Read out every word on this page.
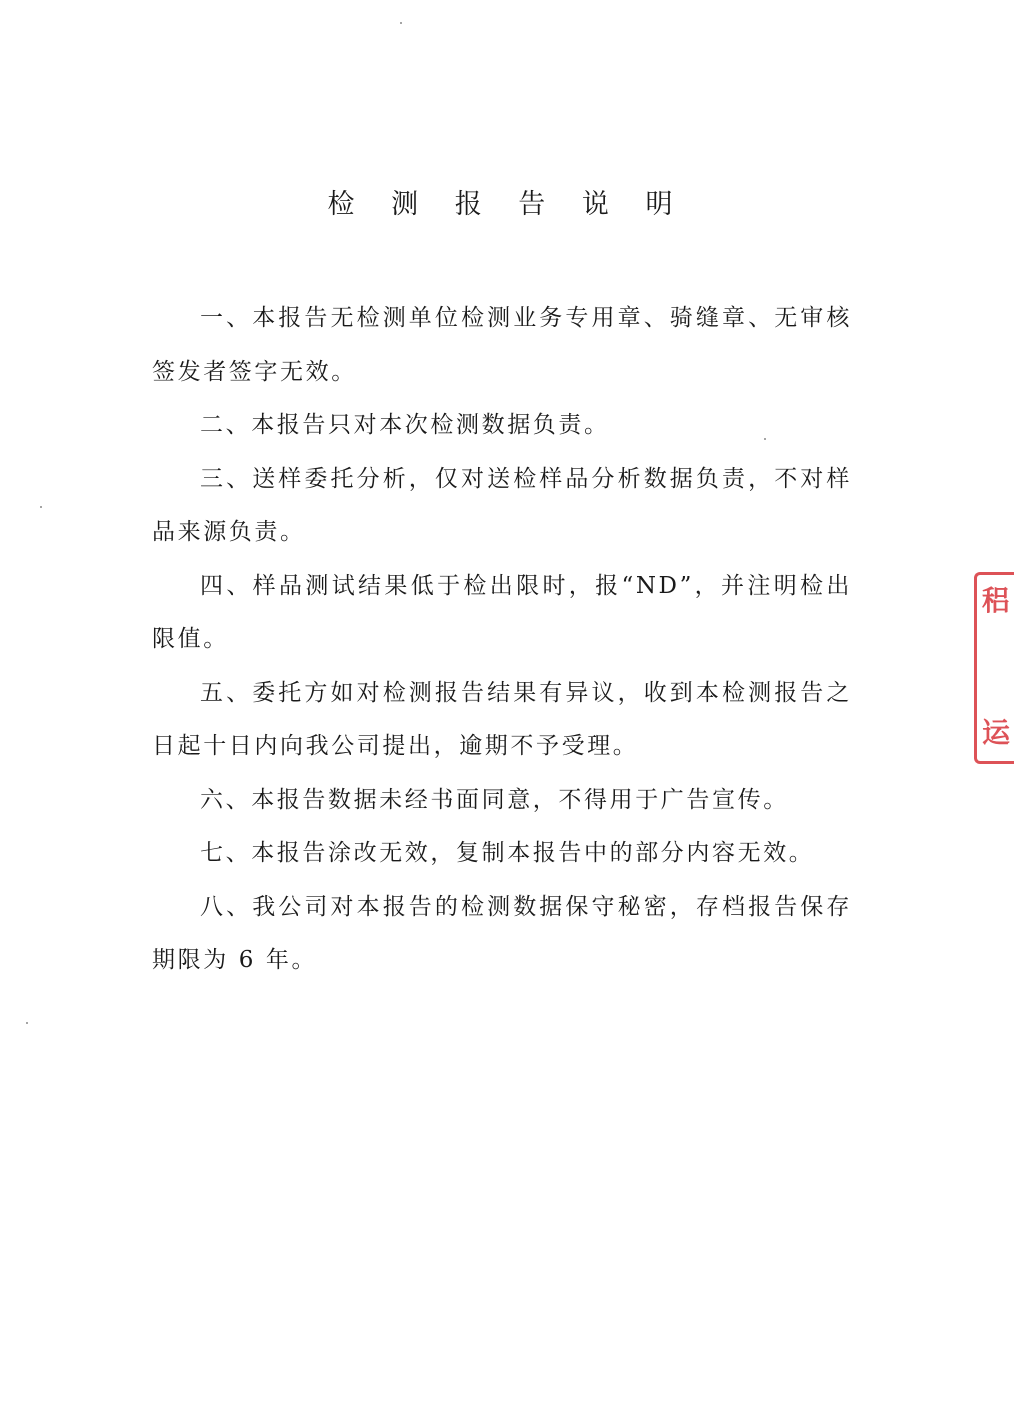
检 测 报 告 说 明

一、本报告无检测单位检测业务专用章、骑缝章、无审核签发者签字无效。

二、本报告只对本次检测数据负责。

三、送样委托分析，仅对送检样品分析数据负责，不对样品来源负责。

四、样品测试结果低于检出限时，报“ND”，并注明检出限值。

五、委托方如对检测报告结果有异议，收到本检测报告之日起十日内向我公司提出，逾期不予受理。

六、本报告数据未经书面同意，不得用于广告宣传。

七、本报告涂改无效，复制本报告中的部分内容无效。

八、我公司对本报告的检测数据保守秘密，存档报告保存期限为 6 年。

稆
运
